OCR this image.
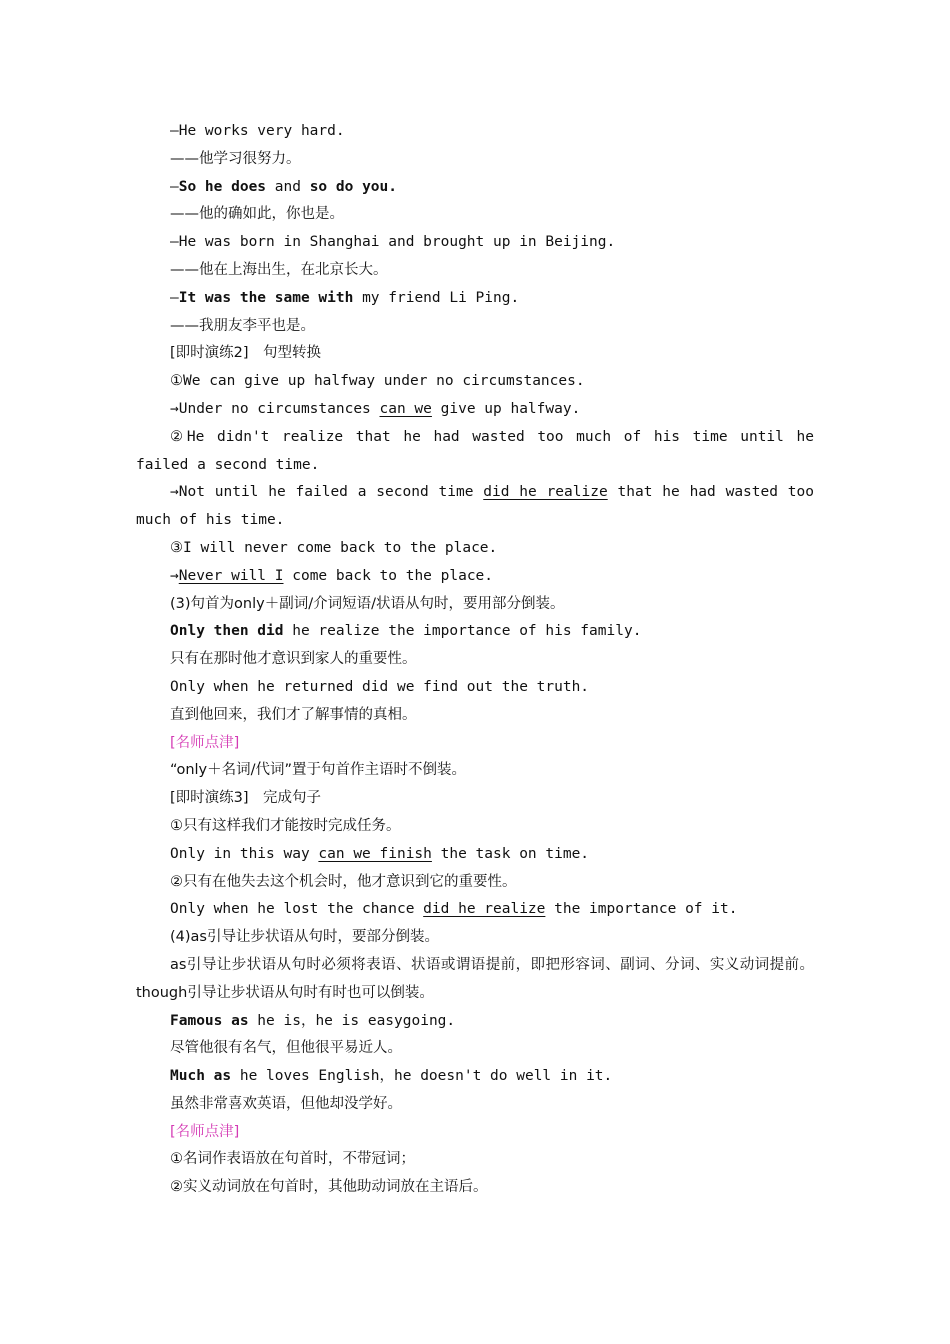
—He works very hard.
——他学习很努力。
—So he does and so do you.
——他的确如此，你也是。
—He was born in Shanghai and brought up in Beijing.
——他在上海出生，在北京长大。
—It was the same with my friend Li Ping.
——我朋友李平也是。
[即时演练2]　句型转换
①We can give up halfway under no circumstances.
→Under no circumstances can we give up halfway.
②He didn't realize that he had wasted too much of his time until he failed a second time.
→Not until he failed a second time did he realize that he had wasted too much of his time.
③I will never come back to the place.
→Never will I come back to the place.
(3)句首为only＋副词/介词短语/状语从句时，要用部分倒装。
Only then did he realize the importance of his family.
只有在那时他才意识到家人的重要性。
Only when he returned did we find out the truth.
直到他回来，我们才了解事情的真相。
[名师点津]
“only＋名词/代词”置于句首作主语时不倒装。
[即时演练3]　完成句子
①只有这样我们才能按时完成任务。
Only in this way can we finish the task on time.
②只有在他失去这个机会时，他才意识到它的重要性。
Only when he lost the chance did he realize the importance of it.
(4)as引导让步状语从句时，要部分倒装。
as引导让步状语从句时必须将表语、状语或谓语提前，即把形容词、副词、分词、实义动词提前。though引导让步状语从句时有时也可以倒装。
Famous as he is，he is easygoing.
尽管他很有名气，但他很平易近人。
Much as he loves English，he doesn't do well in it.
虽然非常喜欢英语，但他却没学好。
[名师点津]
①名词作表语放在句首时，不带冠词；
②实义动词放在句首时，其他助动词放在主语后。
